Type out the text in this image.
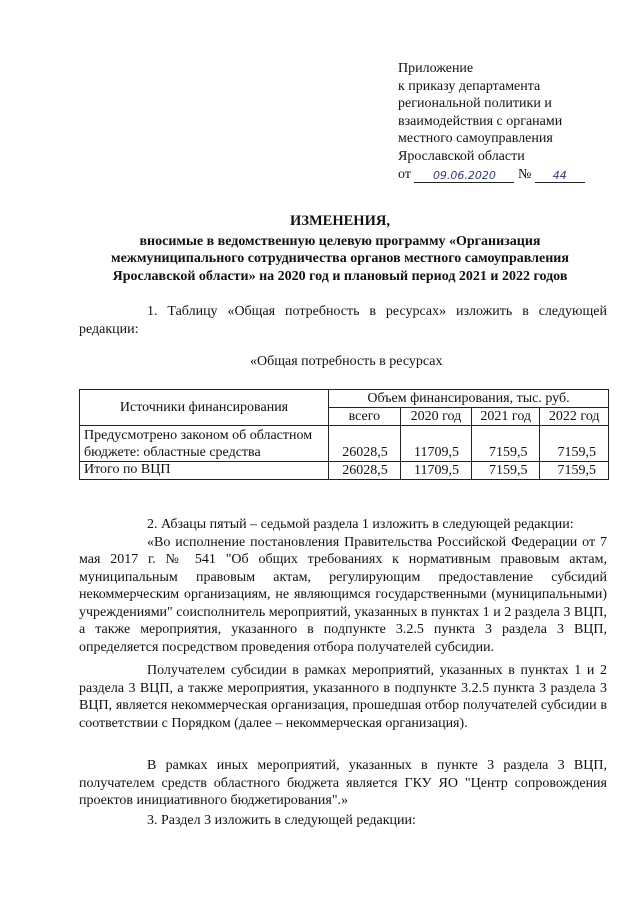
Приложение
к приказу департамента
региональной политики и
взаимодействия с органами
местного самоуправления
Ярославской области
от 09.06.2020 № 44
ИЗМЕНЕНИЯ,
вносимые в ведомственную целевую программу «Организация межмуниципального сотрудничества органов местного самоуправления Ярославской области» на 2020 год и плановый период 2021 и 2022 годов
1. Таблицу «Общая потребность в ресурсах» изложить в следующей редакции:
«Общая потребность в ресурсах
Источники финансирования	Объем финансирования, тыс. руб.			
	всего	2020 год	2021 год	2022 год
Предусмотрено законом об областном бюджете: областные средства	26028,5	11709,5	7159,5	7159,5
Итого по ВЦП	26028,5	11709,5	7159,5	7159,5

2. Абзацы пятый – седьмой раздела 1 изложить в следующей редакции:

«Во исполнение постановления Правительства Российской Федерации от 7 мая 2017 г. № 541 "Об общих требованиях к нормативным правовым актам, муниципальным правовым актам, регулирующим предоставление субсидий некоммерческим организациям, не являющимся государственными (муниципальными) учреждениями" соисполнитель мероприятий, указанных в пунктах 1 и 2 раздела 3 ВЦП, а также мероприятия, указанного в подпункте 3.2.5 пункта 3 раздела 3 ВЦП, определяется посредством проведения отбора получателей субсидии.

Получателем субсидии в рамках мероприятий, указанных в пунктах 1 и 2 раздела 3 ВЦП, а также мероприятия, указанного в подпункте 3.2.5 пункта 3 раздела 3 ВЦП, является некоммерческая организация, прошедшая отбор получателей субсидии в соответствии с Порядком (далее – некоммерческая организация).

В рамках иных мероприятий, указанных в пункте 3 раздела 3 ВЦП, получателем средств областного бюджета является ГКУ ЯО "Центр сопровождения проектов инициативного бюджетирования".»

3. Раздел 3 изложить в следующей редакции:
